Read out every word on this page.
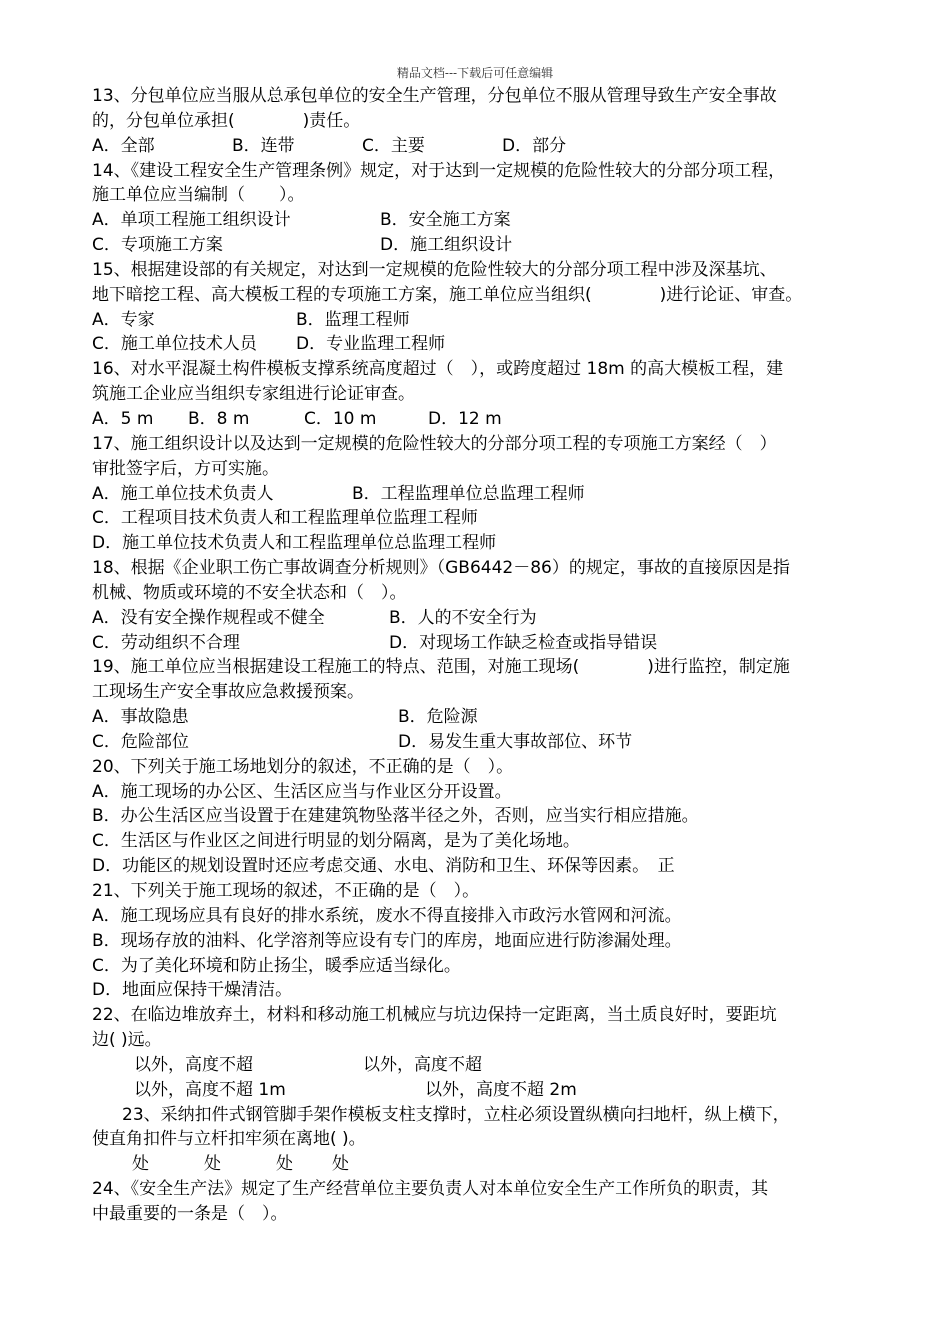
精品文档---下载后可任意编辑
13、分包单位应当服从总承包单位的安全生产管理，分包单位不服从管理导致生产安全事故
的，分包单位承担(　　　　)责任。
A．全部	B．连带	C．主要	D．部分
14、《建设工程安全生产管理条例》规定，对于达到一定规模的危险性较大的分部分项工程，
施工单位应当编制（　　）。
A．单项工程施工组织设计	B．安全施工方案
C．专项施工方案	D．施工组织设计
15、根据建设部的有关规定，对达到一定规模的危险性较大的分部分项工程中涉及深基坑、
地下暗挖工程、高大模板工程的专项施工方案，施工单位应当组织(　　　　)进行论证、审查。
A．专家	B．监理工程师
C．施工单位技术人员 D．专业监理工程师
16、对水平混凝土构件模板支撑系统高度超过（　），或跨度超过 18m 的高大模板工程，建
筑施工企业应当组织专家组进行论证审查。
A．5 m B．8 m	C．10 m	D．12 m
17、施工组织设计以及达到一定规模的危险性较大的分部分项工程的专项施工方案经（　）
审批签字后，方可实施。
A．施工单位技术负责人	B．工程监理单位总监理工程师
C．工程项目技术负责人和工程监理单位监理工程师
D．施工单位技术负责人和工程监理单位总监理工程师
18、根据《企业职工伤亡事故调查分析规则》（GB6442－86）的规定，事故的直接原因是指
机械、物质或环境的不安全状态和（　）。
A．没有安全操作规程或不健全	B．人的不安全行为
C．劳动组织不合理	D．对现场工作缺乏检查或指导错误
19、施工单位应当根据建设工程施工的特点、范围，对施工现场(　　　　)进行监控，制定施
工现场生产安全事故应急救援预案。
A．事故隐患	B．危险源
C．危险部位	D．易发生重大事故部位、环节
20、下列关于施工场地划分的叙述，不正确的是（　）。
A．施工现场的办公区、生活区应当与作业区分开设置。
B．办公生活区应当设置于在建建筑物坠落半径之外，否则，应当实行相应措施。
C．生活区与作业区之间进行明显的划分隔离，是为了美化场地。
D．功能区的规划设置时还应考虑交通、水电、消防和卫生、环保等因素。　正
21、下列关于施工现场的叙述，不正确的是（　）。
A．施工现场应具有良好的排水系统，废水不得直接排入市政污水管网和河流。
B．现场存放的油料、化学溶剂等应设有专门的库房，地面应进行防渗漏处理。
C．为了美化环境和防止扬尘，暖季应适当绿化。
D．地面应保持干燥清洁。
22、在临边堆放弃土，材料和移动施工机械应与坑边保持一定距离，当土质良好时，要距坑
边( )远。
以外，高度不超	以外，高度不超
以外，高度不超 1m	以外，高度不超 2m
23、采纳扣件式钢管脚手架作模板支柱支撑时，立柱必须设置纵横向扫地杆，纵上横下，
使直角扣件与立杆扣牢须在离地( )。
处	处	处 处
24、《安全生产法》规定了生产经营单位主要负责人对本单位安全生产工作所负的职责，其
中最重要的一条是（　）。
